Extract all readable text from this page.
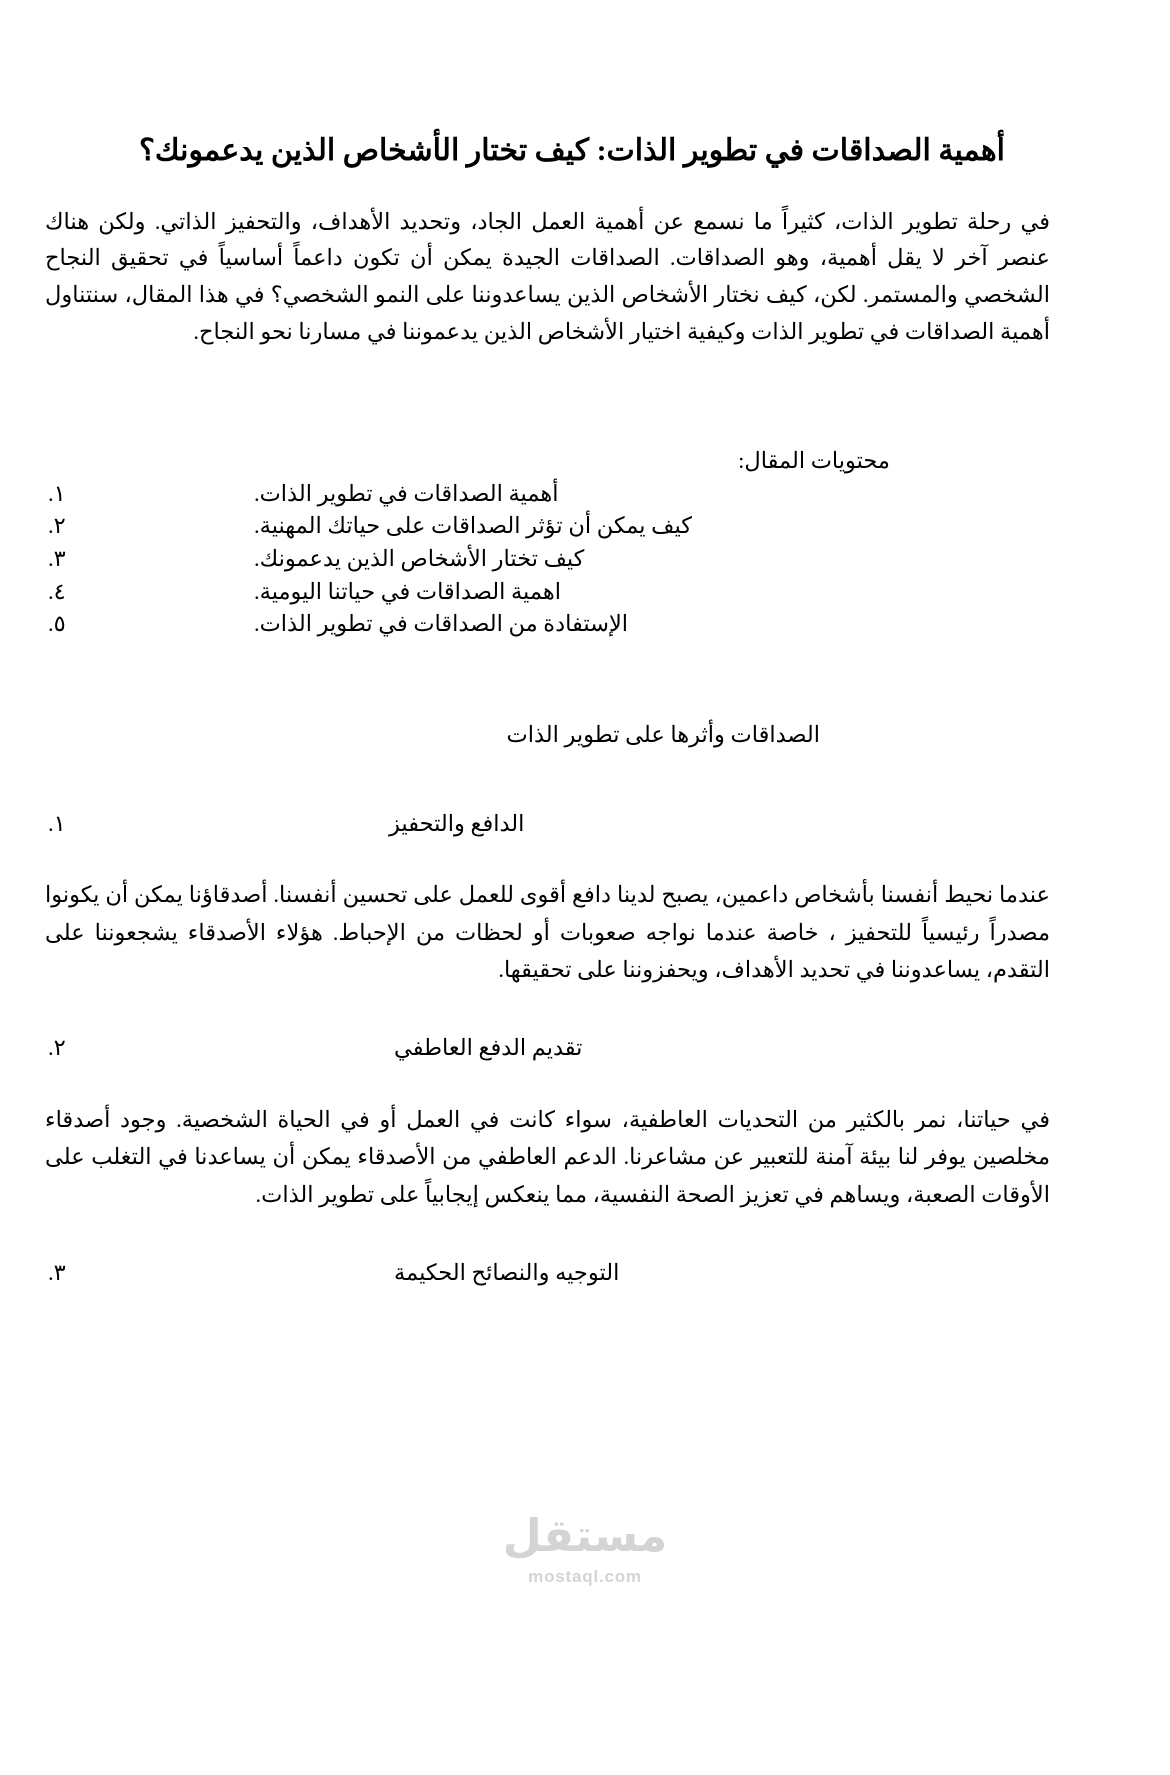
أهمية الصداقات في تطوير الذات: كيف تختار الأشخاص الذين يدعمونك؟

في رحلة تطوير الذات، كثيراً ما نسمع عن أهمية العمل الجاد، وتحديد الأهداف، والتحفيز الذاتي. ولكن هناك عنصر آخر لا يقل أهمية، وهو الصداقات. الصداقات الجيدة يمكن أن تكون داعماً أساسياً في تحقيق النجاح الشخصي والمستمر. لكن، كيف نختار الأشخاص الذين يساعدوننا على النمو الشخصي؟ في هذا المقال، سنتناول أهمية الصداقات في تطوير الذات وكيفية اختيار الأشخاص الذين يدعموننا في مسارنا نحو النجاح.

محتويات المقال:

أهمية الصداقات في تطوير الذات.
١.
كيف يمكن أن تؤثر الصداقات على حياتك المهنية.
٢.
كيف تختار الأشخاص الذين يدعمونك.
٣.
اهمية الصداقات في حياتنا اليومية.
٤.
الإستفادة من الصداقات في تطوير الذات.
٥.
الصداقات وأثرها على تطوير الذات
الدافع والتحفيز
١.

عندما نحيط أنفسنا بأشخاص داعمين، يصبح لدينا دافع أقوى للعمل على تحسين أنفسنا. أصدقاؤنا يمكن أن يكونوا مصدراً رئيسياً للتحفيز ، خاصة عندما نواجه صعوبات أو لحظات من الإحباط. هؤلاء الأصدقاء يشجعوننا على التقدم، يساعدوننا في تحديد الأهداف، ويحفزوننا على تحقيقها.

تقديم الدفع العاطفي
٢.

في حياتنا، نمر بالكثير من التحديات العاطفية، سواء كانت في العمل أو في الحياة الشخصية. وجود أصدقاء مخلصين يوفر لنا بيئة آمنة للتعبير عن مشاعرنا. الدعم العاطفي من الأصدقاء يمكن أن يساعدنا في التغلب على الأوقات الصعبة، ويساهم في تعزيز الصحة النفسية، مما ينعكس إيجابياً على تطوير الذات.

التوجيه والنصائح الحكيمة
٣.
مستقل
mostaql.com
